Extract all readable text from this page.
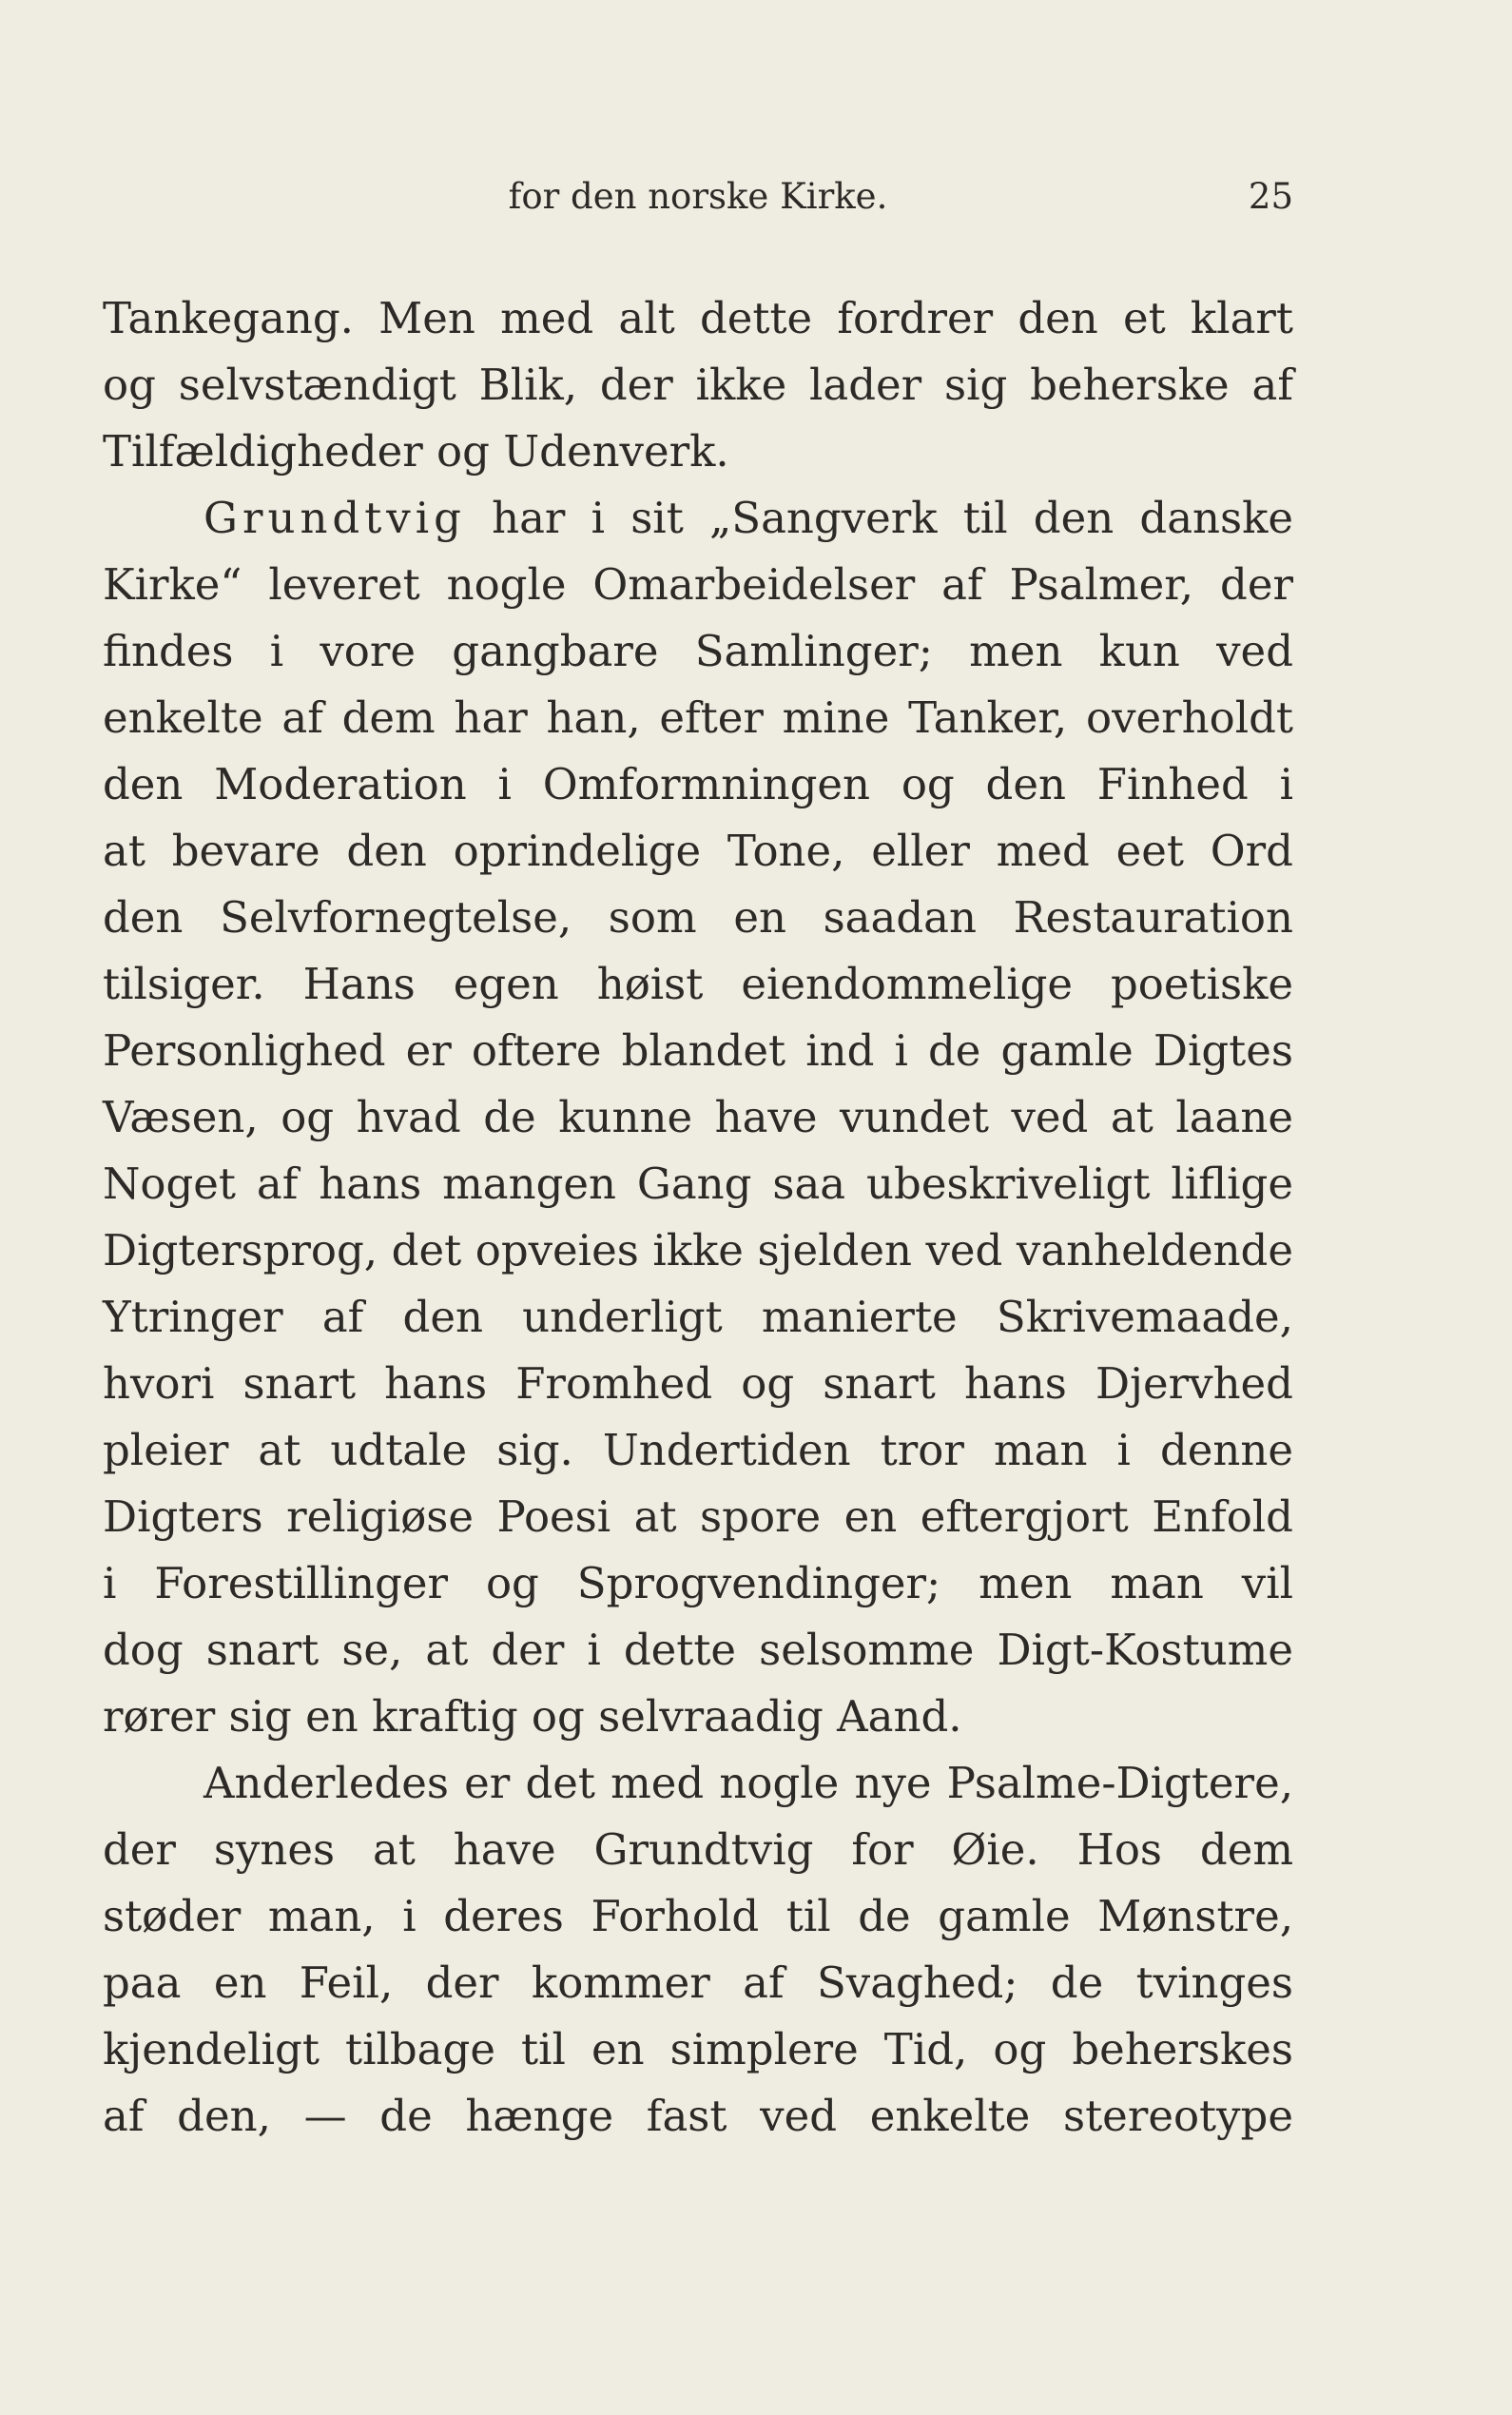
for den norske Kirke.	25
Tankegang. Men med alt dette fordrer den et klart
og selvstændigt Blik, der ikke lader sig beherske af
Tilfældigheder og Udenverk.
Grundtvig har i sit „Sangverk til den danske
Kirke“ leveret nogle Omarbeidelser af Psalmer, der
findes i vore gangbare Samlinger; men kun ved
enkelte af dem har han, efter mine Tanker, overholdt
den Moderation i Omformningen og den Finhed i
at bevare den oprindelige Tone, eller med eet Ord
den Selvfornegtelse, som en saadan Restauration
tilsiger. Hans egen høist eiendommelige poetiske
Personlighed er oftere blandet ind i de gamle Digtes
Væsen, og hvad de kunne have vundet ved at laane
Noget af hans mangen Gang saa ubeskriveligt liflige
Digtersprog, det opveies ikke sjelden ved vanheldende
Ytringer af den underligt manierte Skrivemaade,
hvori snart hans Fromhed og snart hans Djervhed
pleier at udtale sig. Undertiden tror man i denne
Digters religiøse Poesi at spore en eftergjort Enfold
i Forestillinger og Sprogvendinger; men man vil
dog snart se, at der i dette selsomme Digt-Kostume
rører sig en kraftig og selvraadig Aand.
Anderledes er det med nogle nye Psalme-Digtere,
der synes at have Grundtvig for Øie. Hos dem
støder man, i deres Forhold til de gamle Mønstre,
paa en Feil, der kommer af Svaghed; de tvinges
kjendeligt tilbage til en simplere Tid, og beherskes
af den, — de hænge fast ved enkelte stereotype
